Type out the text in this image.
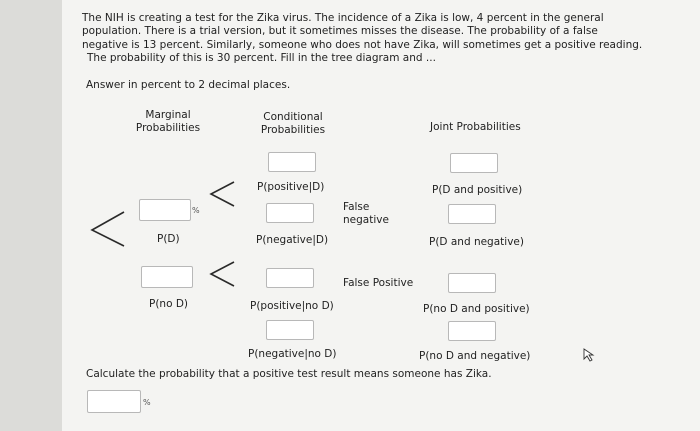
The NIH is creating a test for the Zika virus. The incidence of a Zika is low, 4 percent in the general
population. There is a trial version, but it sometimes misses the disease. The probability of a false
negative is 13 percent. Similarly, someone who does not have Zika, will sometimes get a positive reading.
The probability of this is 30 percent. Fill in the tree diagram and ...
Answer in percent to 2 decimal places.
Marginal
Probabilities
Conditional
Probabilities	Joint Probabilities
%
P(D)
P(no D)
P(positive|D)
P(negative|D)
P(positive|no D)
P(negative|no D)
False
negative
False Positive
P(D and positive)
P(D and negative)
P(no D and positive)
P(no D and negative)
Calculate the probability that a positive test result means someone has Zika.
%
